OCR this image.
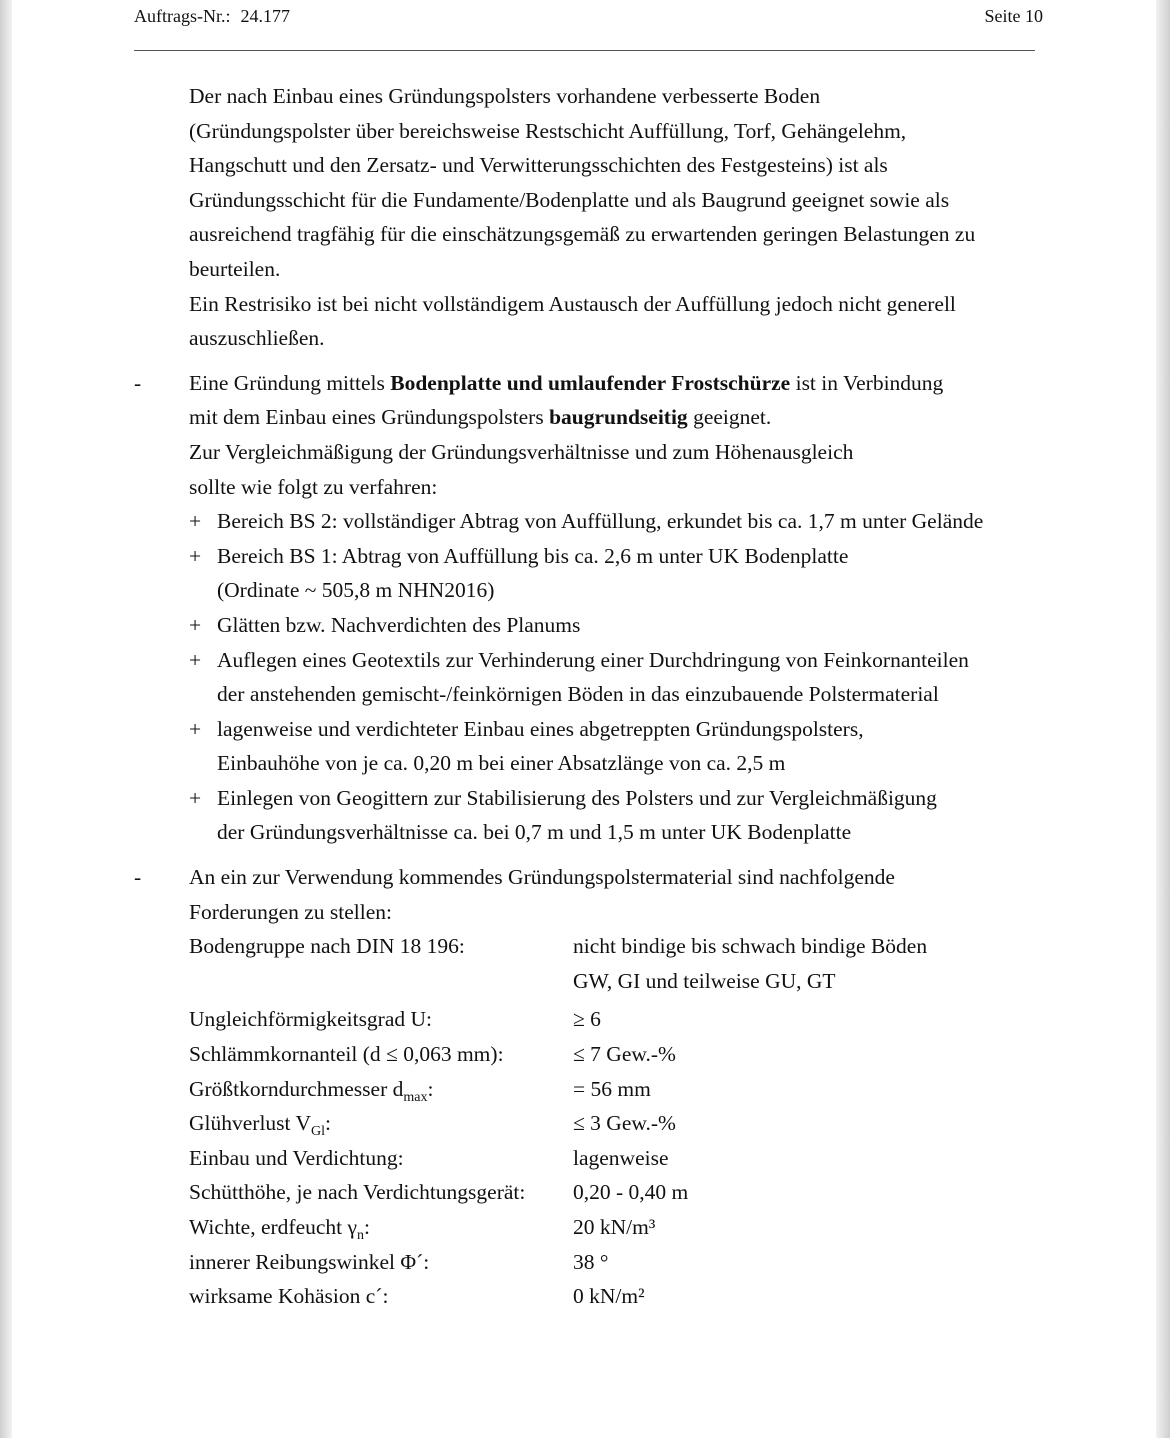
Auftrags-Nr.: 24.177	Seite 10

Der nach Einbau eines Gründungspolsters vorhandene verbesserte Boden

(Gründungspolster über bereichsweise Restschicht Auffüllung, Torf, Gehängelehm,

Hangschutt und den Zersatz- und Verwitterungsschichten des Festgesteins) ist als

Gründungsschicht für die Fundamente/Bodenplatte und als Baugrund geeignet sowie als

ausreichend tragfähig für die einschätzungsgemäß zu erwartenden geringen Belastungen zu

beurteilen.

Ein Restrisiko ist bei nicht vollständigem Austausch der Auffüllung jedoch nicht generell

auszuschließen.

-	Eine Gründung mittels Bodenplatte und umlaufender Frostschürze ist in Verbindung

mit dem Einbau eines Gründungspolsters baugrundseitig geeignet.

Zur Vergleichmäßigung der Gründungsverhältnisse und zum Höhenausgleich

sollte wie folgt zu verfahren:

+ Bereich BS 2: vollständiger Abtrag von Auffüllung, erkundet bis ca. 1,7 m unter Gelände
+ Bereich BS 1: Abtrag von Auffüllung bis ca. 2,6 m unter UK Bodenplatte
(Ordinate ~ 505,8 m NHN2016)
+ Glätten bzw. Nachverdichten des Planums
+ Auflegen eines Geotextils zur Verhinderung einer Durchdringung von Feinkornanteilen
der anstehenden gemischt-/feinkörnigen Böden in das einzubauende Polstermaterial
+ lagenweise und verdichteter Einbau eines abgetreppten Gründungspolsters,
Einbauhöhe von je ca. 0,20 m bei einer Absatzlänge von ca. 2,5 m
+ Einlegen von Geogittern zur Stabilisierung des Polsters und zur Vergleichmäßigung
der Gründungsverhältnisse ca. bei 0,7 m und 1,5 m unter UK Bodenplatte
-	An ein zur Verwendung kommendes Gründungspolstermaterial sind nachfolgende

Forderungen zu stellen:

Bodengruppe nach DIN 18 196:	nicht bindige bis schwach bindige Böden
GW, GI und teilweise GU, GT
Ungleichförmigkeitsgrad U:	≥ 6
Schlämmkornanteil (d ≤ 0,063 mm):	≤ 7 Gew.-%
Größtkorndurchmesser $d_{max}$:	= 56 mm
Glühverlust $V_{Gl}$:	≤ 3 Gew.-%
Einbau und Verdichtung:	lagenweise
Schütthöhe, je nach Verdichtungsgerät:	0,20 - 0,40 m
Wichte, erdfeucht $\gamma_n$:	20 kN/m³
innerer Reibungswinkel Φ´:	38 °
wirksame Kohäsion c´:	0 kN/m²
